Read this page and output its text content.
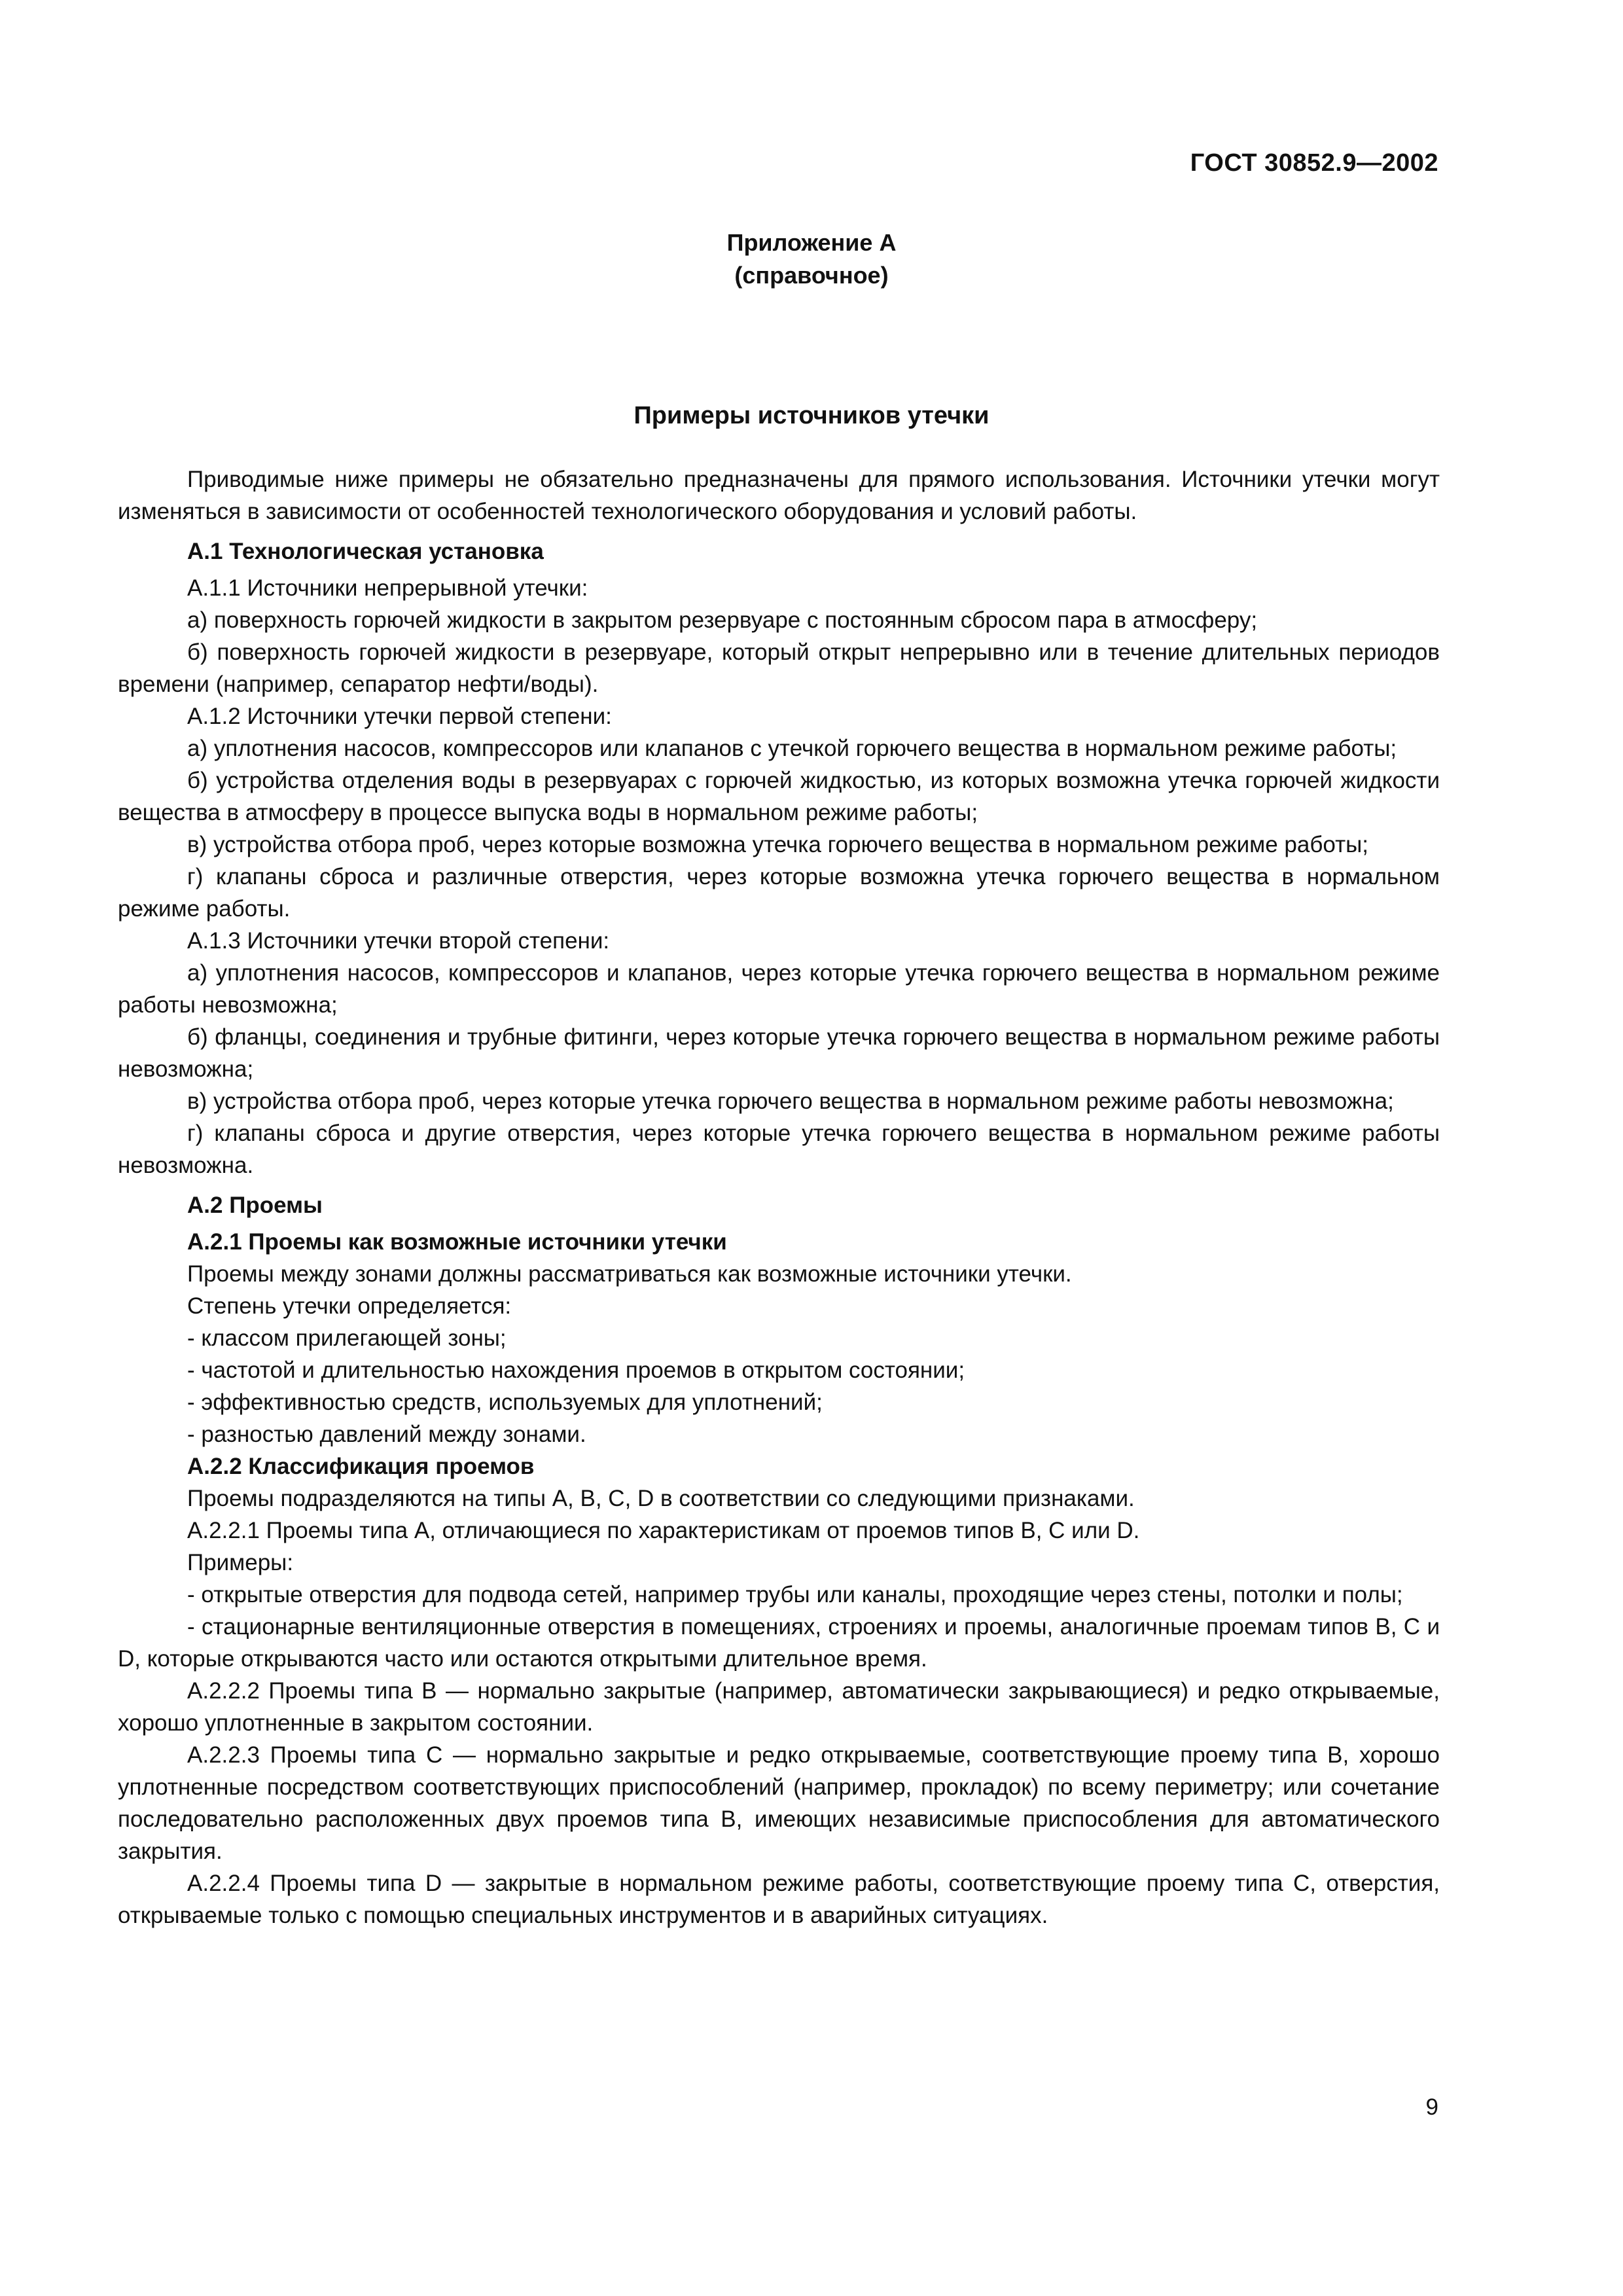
ГОСТ 30852.9—2002
Приложение А
(справочное)
Примеры источников утечки

Приводимые ниже примеры не обязательно предназначены для прямого использования. Источники утечки могут изменяться в зависимости от особенностей технологического оборудования и условий работы.

А.1 Технологическая установка

А.1.1 Источники непрерывной утечки:

а) поверхность горючей жидкости в закрытом резервуаре с постоянным сбросом пара в атмосферу;

б) поверхность горючей жидкости в резервуаре, который открыт непрерывно или в течение длительных периодов времени (например, сепаратор нефти/воды).

А.1.2 Источники утечки первой степени:

а) уплотнения насосов, компрессоров или клапанов с утечкой горючего вещества в нормальном режиме работы;

б) устройства отделения воды в резервуарах с горючей жидкостью, из которых возможна утечка горючей жидкости вещества в атмосферу в процессе выпуска воды в нормальном режиме работы;

в) устройства отбора проб, через которые возможна утечка горючего вещества в нормальном режиме работы;

г) клапаны сброса и различные отверстия, через которые возможна утечка горючего вещества в нормальном режиме работы.

А.1.3 Источники утечки второй степени:

а) уплотнения насосов, компрессоров и клапанов, через которые утечка горючего вещества в нормальном режиме работы невозможна;

б) фланцы, соединения и трубные фитинги, через которые утечка горючего вещества в нормальном режиме работы невозможна;

в) устройства отбора проб, через которые утечка горючего вещества в нормальном режиме работы невозможна;

г) клапаны сброса и другие отверстия, через которые утечка горючего вещества в нормальном режиме работы невозможна.

А.2 Проемы

А.2.1 Проемы как возможные источники утечки

Проемы между зонами должны рассматриваться как возможные источники утечки.

Степень утечки определяется:

- классом прилегающей зоны;

- частотой и длительностью нахождения проемов в открытом состоянии;

- эффективностью средств, используемых для уплотнений;

- разностью давлений между зонами.

А.2.2 Классификация проемов

Проемы подразделяются на типы А, В, С, D в соответствии со следующими признаками.

А.2.2.1 Проемы типа А, отличающиеся по характеристикам от проемов типов В, С или D.

Примеры:

- открытые отверстия для подвода сетей, например трубы или каналы, проходящие через стены, потолки и полы;

- стационарные вентиляционные отверстия в помещениях, строениях и проемы, аналогичные проемам типов В, С и D, которые открываются часто или остаются открытыми длительное время.

А.2.2.2 Проемы типа В — нормально закрытые (например, автоматически закрывающиеся) и редко открываемые, хорошо уплотненные в закрытом состоянии.

А.2.2.3 Проемы типа С — нормально закрытые и редко открываемые, соответствующие проему типа В, хорошо уплотненные посредством соответствующих приспособлений (например, прокладок) по всему периметру; или сочетание последовательно расположенных двух проемов типа В, имеющих независимые приспособления для автоматического закрытия.

А.2.2.4 Проемы типа D — закрытые в нормальном режиме работы, соответствующие проему типа С, отверстия, открываемые только с помощью специальных инструментов и в аварийных ситуациях.

9
